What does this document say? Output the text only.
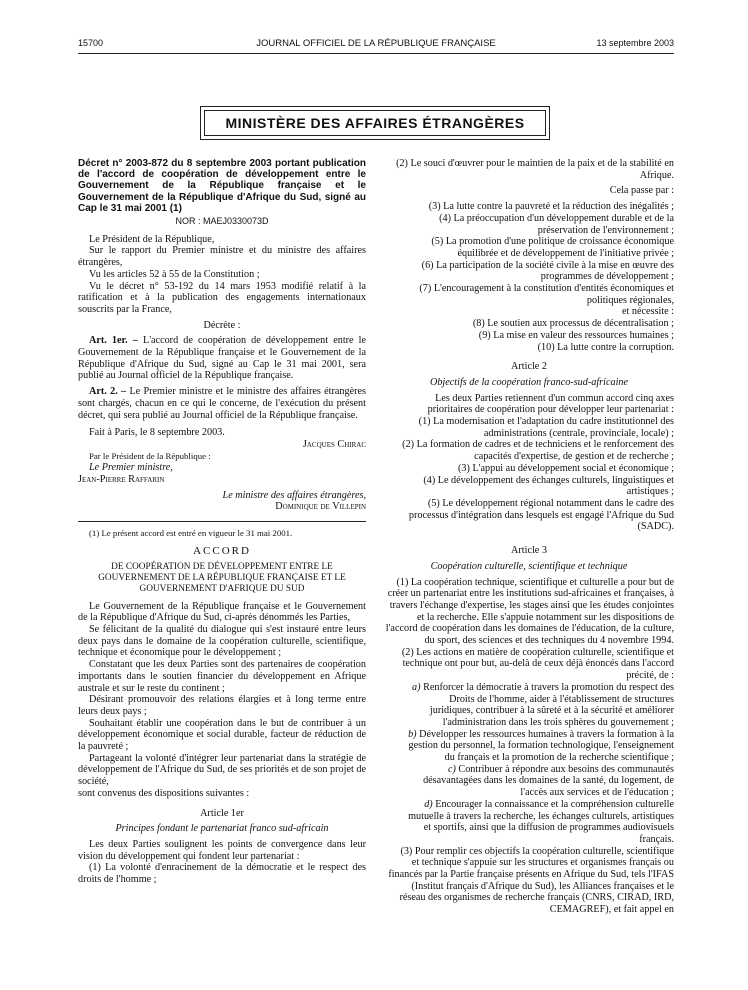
15700	JOURNAL OFFICIEL DE LA RÉPUBLIQUE FRANÇAISE	13 septembre 2003
MINISTÈRE DES AFFAIRES ÉTRANGÈRES

Décret n° 2003-872 du 8 septembre 2003 portant publication de l'accord de coopération de développement entre le Gouvernement de la République française et le Gouvernement de la République d'Afrique du Sud, signé au Cap le 31 mai 2001 (1)

NOR : MAEJ0330073D

Le Président de la République,

Sur le rapport du Premier ministre et du ministre des affaires étrangères,

Vu les articles 52 à 55 de la Constitution ;

Vu le décret n° 53-192 du 14 mars 1953 modifié relatif à la ratification et à la publication des engagements internationaux souscrits par la France,

Décrète :

Art. 1er. – L'accord de coopération de développement entre le Gouvernement de la République française et le Gouvernement de la République d'Afrique du Sud, signé au Cap le 31 mai 2001, sera publié au Journal officiel de la République française.

Art. 2. – Le Premier ministre et le ministre des affaires étrangères sont chargés, chacun en ce qui le concerne, de l'exécution du présent décret, qui sera publié au Journal officiel de la République française.

Fait à Paris, le 8 septembre 2003.

Jacques Chirac

Par le Président de la République :

Le Premier ministre,

Jean-Pierre Raffarin

Le ministre des affaires étrangères,

Dominique de Villepin

(1) Le présent accord est entré en vigueur le 31 mai 2001.

ACCORD

DE COOPÉRATION DE DÉVELOPPEMENT ENTRE LE GOUVERNEMENT DE LA RÉPUBLIQUE FRANÇAISE ET LE GOUVERNEMENT D'AFRIQUE DU SUD

Le Gouvernement de la République française et le Gouvernement de la République d'Afrique du Sud, ci-après dénommés les Parties,

Se félicitant de la qualité du dialogue qui s'est instauré entre leurs deux pays dans le domaine de la coopération culturelle, scientifique, technique et économique pour le développement ;

Constatant que les deux Parties sont des partenaires de coopération importants dans le soutien financier du développement en Afrique australe et sur le reste du continent ;

Désirant promouvoir des relations élargies et à long terme entre leurs deux pays ;

Souhaitant établir une coopération dans le but de contribuer à un développement économique et social durable, facteur de réduction de la pauvreté ;

Partageant la volonté d'intégrer leur partenariat dans la stratégie de développement de l'Afrique du Sud, de ses priorités et de son projet de société,

sont convenus des dispositions suivantes :

Article 1er

Principes fondant le partenariat franco sud-africain

Les deux Parties soulignent les points de convergence dans leur vision du développement qui fondent leur partenariat :

(1) La volonté d'enracinement de la démocratie et le respect des droits de l'homme ;

(2) Le souci d'œuvrer pour le maintien de la paix et de la stabilité en Afrique.

Cela passe par :

(3) La lutte contre la pauvreté et la réduction des inégalités ;

(4) La préoccupation d'un développement durable et de la préservation de l'environnement ;

(5) La promotion d'une politique de croissance économique équilibrée et de développement de l'initiative privée ;

(6) La participation de la société civile à la mise en œuvre des programmes de développement ;

(7) L'encouragement à la constitution d'entités économiques et politiques régionales,

et nécessite :

(8) Le soutien aux processus de décentralisation ;

(9) La mise en valeur des ressources humaines ;

(10) La lutte contre la corruption.

Article 2

Objectifs de la coopération franco-sud-africaine

Les deux Parties retiennent d'un commun accord cinq axes prioritaires de coopération pour développer leur partenariat :

(1) La modernisation et l'adaptation du cadre institutionnel des administrations (centrale, provinciale, locale) ;

(2) La formation de cadres et de techniciens et le renforcement des capacités d'expertise, de gestion et de recherche ;

(3) L'appui au développement social et économique ;

(4) Le développement des échanges culturels, linguistiques et artistiques ;

(5) Le développement régional notamment dans le cadre des processus d'intégration dans lesquels est engagé l'Afrique du Sud (SADC).

Article 3

Coopération culturelle, scientifique et technique

(1) La coopération technique, scientifique et culturelle a pour but de créer un partenariat entre les institutions sud-africaines et françaises, à travers l'échange d'expertise, les stages ainsi que les études conjointes et la recherche. Elle s'appuie notamment sur les dispositions de l'accord de coopération dans les domaines de l'éducation, de la culture, du sport, des sciences et des techniques du 4 novembre 1994.

(2) Les actions en matière de coopération culturelle, scientifique et technique ont pour but, au-delà de ceux déjà énoncés dans l'accord précité, de :

a) Renforcer la démocratie à travers la promotion du respect des Droits de l'homme, aider à l'établissement de structures juridiques, contribuer à la sûreté et à la sécurité et améliorer l'administration dans les trois sphères du gouvernement ;

b) Développer les ressources humaines à travers la formation à la gestion du personnel, la formation technologique, l'enseignement du français et la promotion de la recherche scientifique ;

c) Contribuer à répondre aux besoins des communautés désavantagées dans les domaines de la santé, du logement, de l'accès aux services et de l'éducation ;

d) Encourager la connaissance et la compréhension culturelle mutuelle à travers la recherche, les échanges culturels, artistiques et sportifs, ainsi que la diffusion de programmes audiovisuels français.

(3) Pour remplir ces objectifs la coopération culturelle, scientifique et technique s'appuie sur les structures et organismes français ou financés par la Partie française présents en Afrique du Sud, tels l'IFAS (Institut français d'Afrique du Sud), les Alliances françaises et le réseau des organismes de recherche français (CNRS, CIRAD, IRD, CEMAGREF), et fait appel en
